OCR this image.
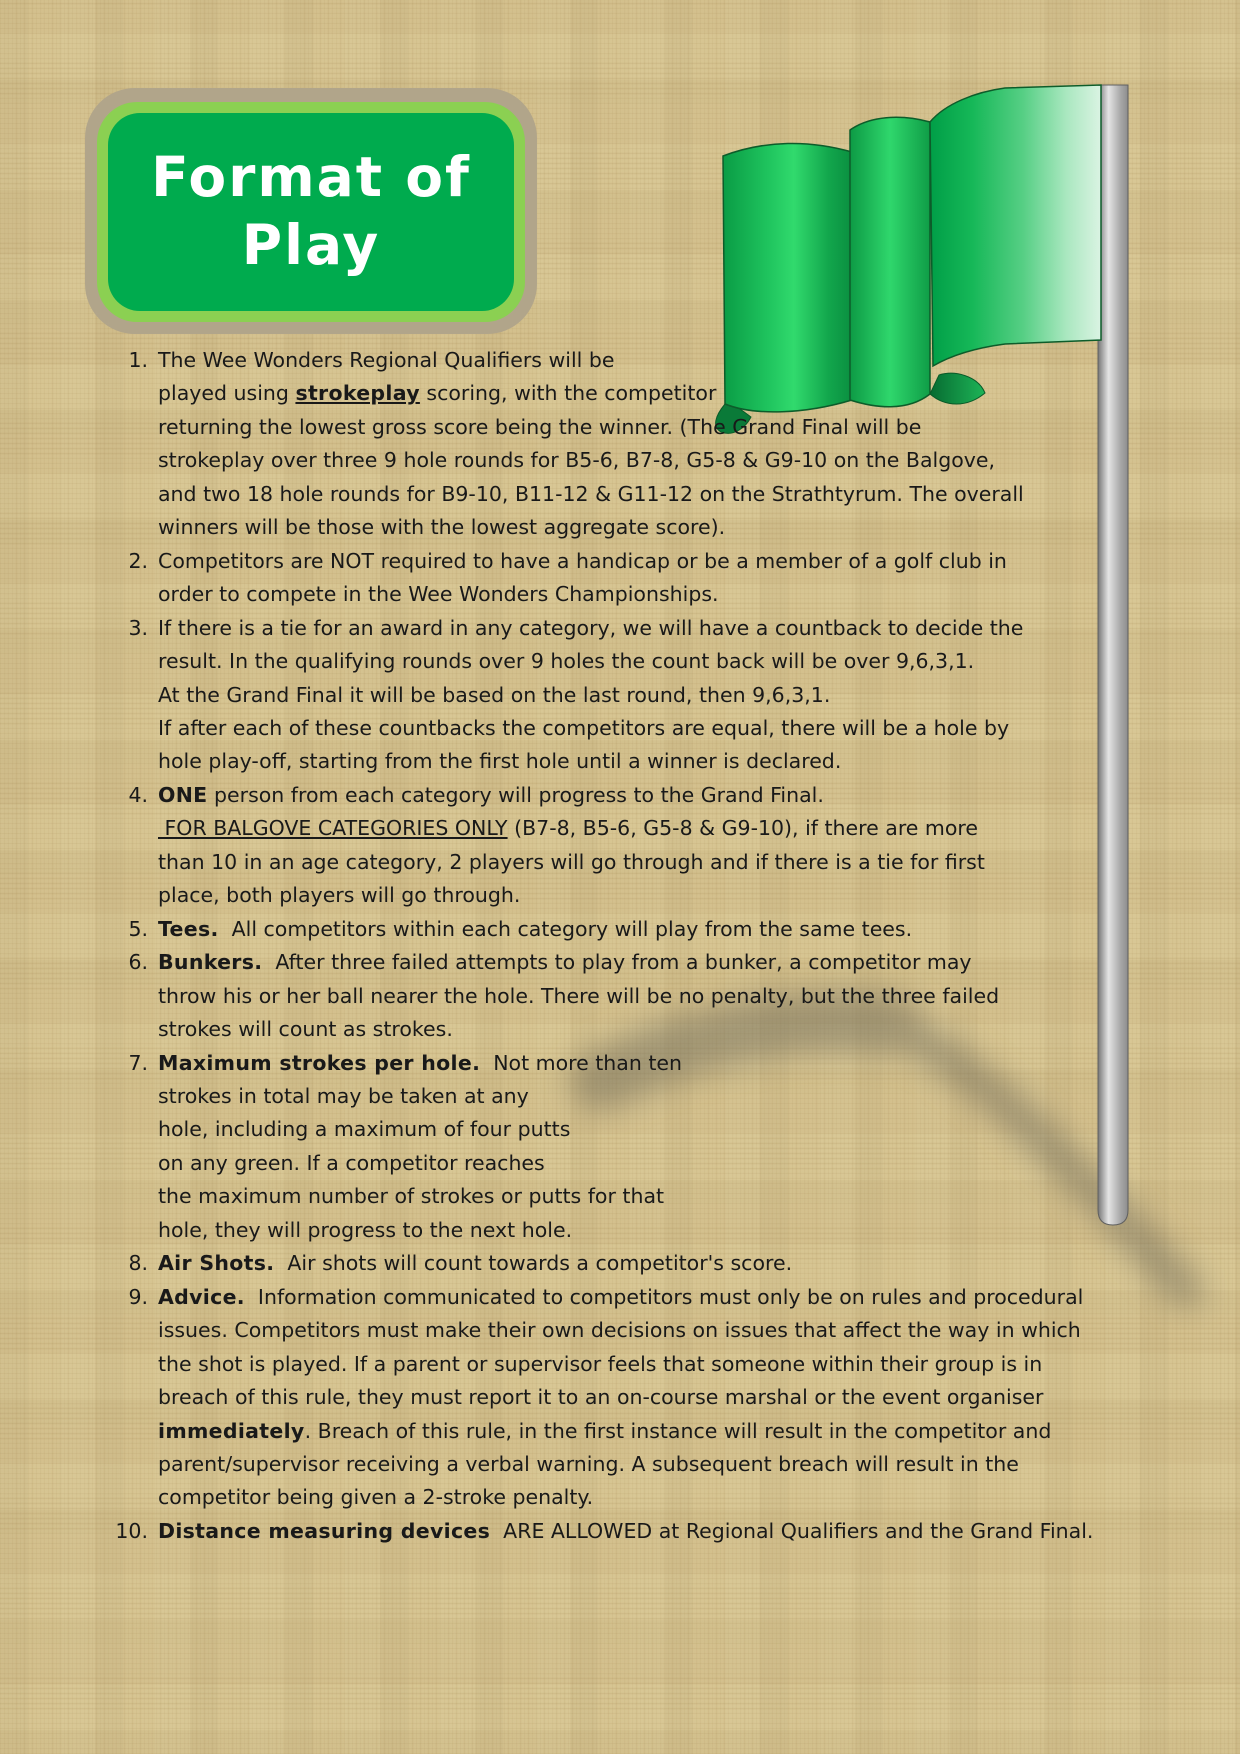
Format of
Play
1. The Wee Wonders Regional Qualifiers will be
played using strokeplay scoring, with the competitor
returning the lowest gross score being the winner. (The Grand Final will be
strokeplay over three 9 hole rounds for B5-6, B7-8, G5-8 & G9-10 on the Balgove,
and two 18 hole rounds for B9-10, B11-12 & G11-12 on the Strathtyrum. The overall
winners will be those with the lowest aggregate score).
2. Competitors are NOT required to have a handicap or be a member of a golf club in
order to compete in the Wee Wonders Championships.
3. If there is a tie for an award in any category, we will have a countback to decide the
result. In the qualifying rounds over 9 holes the count back will be over 9,6,3,1.
At the Grand Final it will be based on the last round, then 9,6,3,1.
If after each of these countbacks the competitors are equal, there will be a hole by
hole play-off, starting from the first hole until a winner is declared.
4. ONE person from each category will progress to the Grand Final.
FOR BALGOVE CATEGORIES ONLY (B7-8, B5-6, G5-8 & G9-10), if there are more
than 10 in an age category, 2 players will go through and if there is a tie for first
place, both players will go through.
5. Tees.  All competitors within each category will play from the same tees.
6. Bunkers.  After three failed attempts to play from a bunker, a competitor may
throw his or her ball nearer the hole. There will be no penalty, but the three failed
strokes will count as strokes.
7. Maximum strokes per hole.  Not more than ten
strokes in total may be taken at any
hole, including a maximum of four putts
on any green. If a competitor reaches
the maximum number of strokes or putts for that
hole, they will progress to the next hole.
8. Air Shots.  Air shots will count towards a competitor's score.
9. Advice.  Information communicated to competitors must only be on rules and procedural
issues. Competitors must make their own decisions on issues that affect the way in which
the shot is played. If a parent or supervisor feels that someone within their group is in
breach of this rule, they must report it to an on-course marshal or the event organiser
immediately. Breach of this rule, in the first instance will result in the competitor and
parent/supervisor receiving a verbal warning. A subsequent breach will result in the
competitor being given a 2-stroke penalty.
10. Distance measuring devices  ARE ALLOWED at Regional Qualifiers and the Grand Final.
